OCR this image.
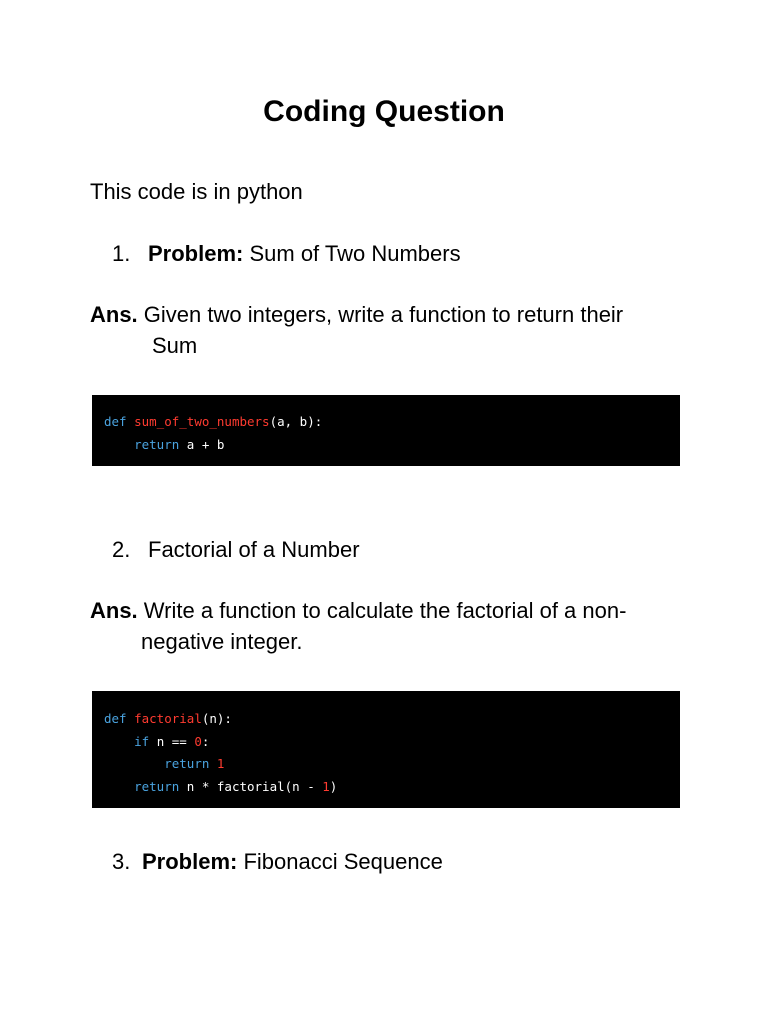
Coding Question
This code is in python
1. Problem: Sum of Two Numbers
Ans. Given two integers, write a function to return their
Sum
def sum_of_two_numbers(a, b):
return a + b
2. Factorial of a Number
Ans. Write a function to calculate the factorial of a non-
negative integer.
def factorial(n):
if n == 0:
return 1
return n * factorial(n - 1)
3. Problem: Fibonacci Sequence
